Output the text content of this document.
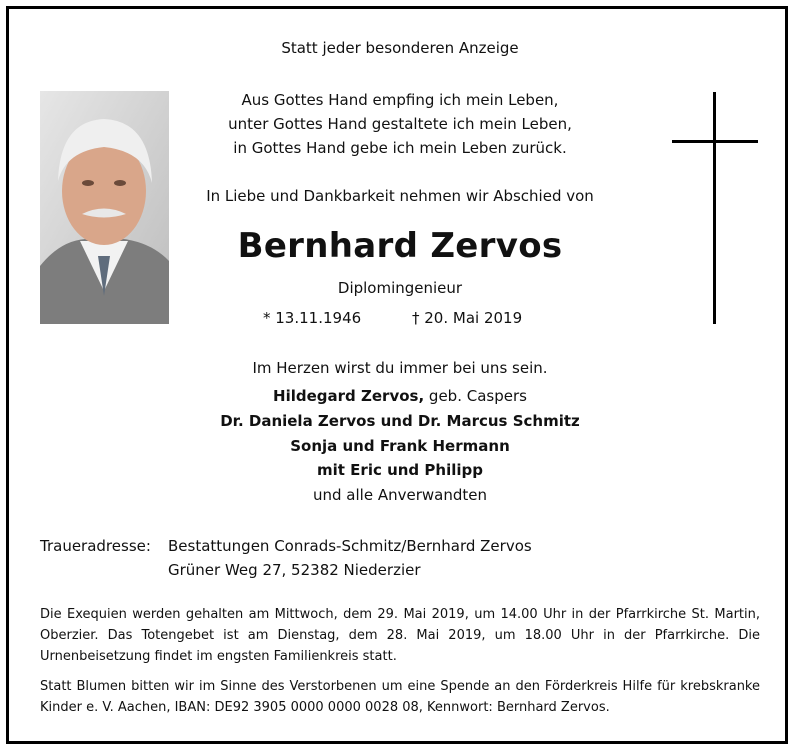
Statt jeder besonderen Anzeige
Aus Gottes Hand empfing ich mein Leben,
unter Gottes Hand gestaltete ich mein Leben,
in Gottes Hand gebe ich mein Leben zurück.
In Liebe und Dankbarkeit nehmen wir Abschied von
Bernhard Zervos
Diplomingenieur
* 13.11.1946	† 20. Mai 2019
Im Herzen wirst du immer bei uns sein.
Hildegard Zervos, geb. Caspers
Dr. Daniela Zervos und Dr. Marcus Schmitz
Sonja und Frank Hermann
mit Eric und Philipp
und alle Anverwandten
Traueradresse: Bestattungen Conrads-Schmitz/Bernhard Zervos
Grüner Weg 27, 52382 Niederzier
Die Exequien werden gehalten am Mittwoch, dem 29. Mai 2019, um 14.00 Uhr in der Pfarrkirche St. Martin, Oberzier. Das Totengebet ist am Dienstag, dem 28. Mai 2019, um 18.00 Uhr in der Pfarrkirche. Die Urnenbeisetzung findet im engsten Familienkreis statt.
Statt Blumen bitten wir im Sinne des Verstorbenen um eine Spende an den Förderkreis Hilfe für krebskranke Kinder e. V. Aachen, IBAN: DE92 3905 0000 0000 0028 08, Kennwort: Bernhard Zervos.
